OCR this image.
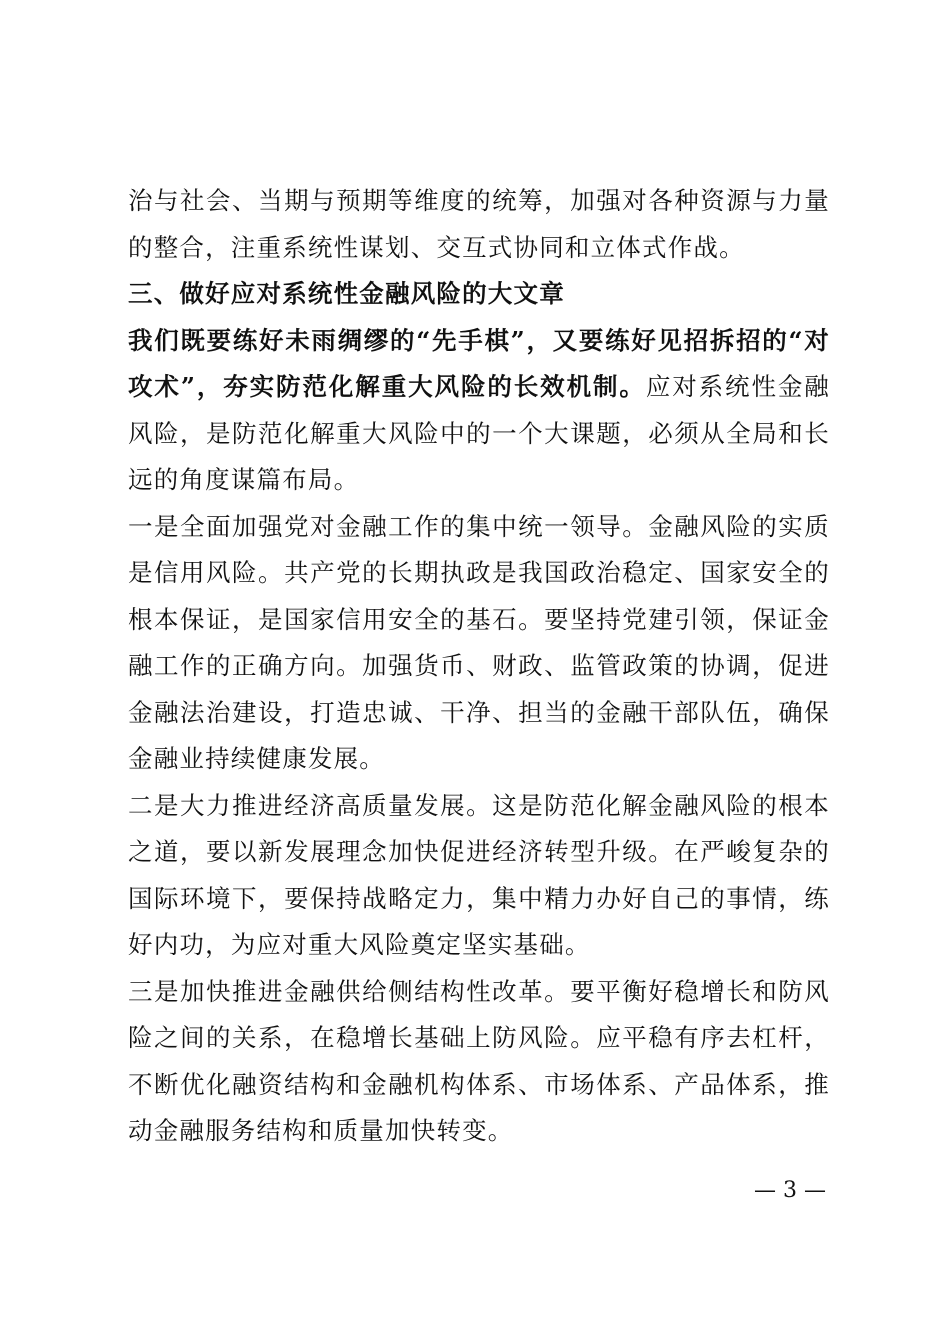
治与社会、当期与预期等维度的统筹，加强对各种资源与力量的整合，注重系统性谋划、交互式协同和立体式作战。

三、做好应对系统性金融风险的大文章

我们既要练好未雨绸缪的“先手棋”，又要练好见招拆招的“对攻术”，夯实防范化解重大风险的长效机制。应对系统性金融风险，是防范化解重大风险中的一个大课题，必须从全局和长远的角度谋篇布局。

一是全面加强党对金融工作的集中统一领导。金融风险的实质是信用风险。共产党的长期执政是我国政治稳定、国家安全的根本保证，是国家信用安全的基石。要坚持党建引领，保证金融工作的正确方向。加强货币、财政、监管政策的协调，促进金融法治建设，打造忠诚、干净、担当的金融干部队伍，确保金融业持续健康发展。

二是大力推进经济高质量发展。这是防范化解金融风险的根本之道，要以新发展理念加快促进经济转型升级。在严峻复杂的国际环境下，要保持战略定力，集中精力办好自己的事情，练好内功，为应对重大风险奠定坚实基础。

三是加快推进金融供给侧结构性改革。要平衡好稳增长和防风险之间的关系，在稳增长基础上防风险。应平稳有序去杠杆，不断优化融资结构和金融机构体系、市场体系、产品体系，推动金融服务结构和质量加快转变。

— 3 —
